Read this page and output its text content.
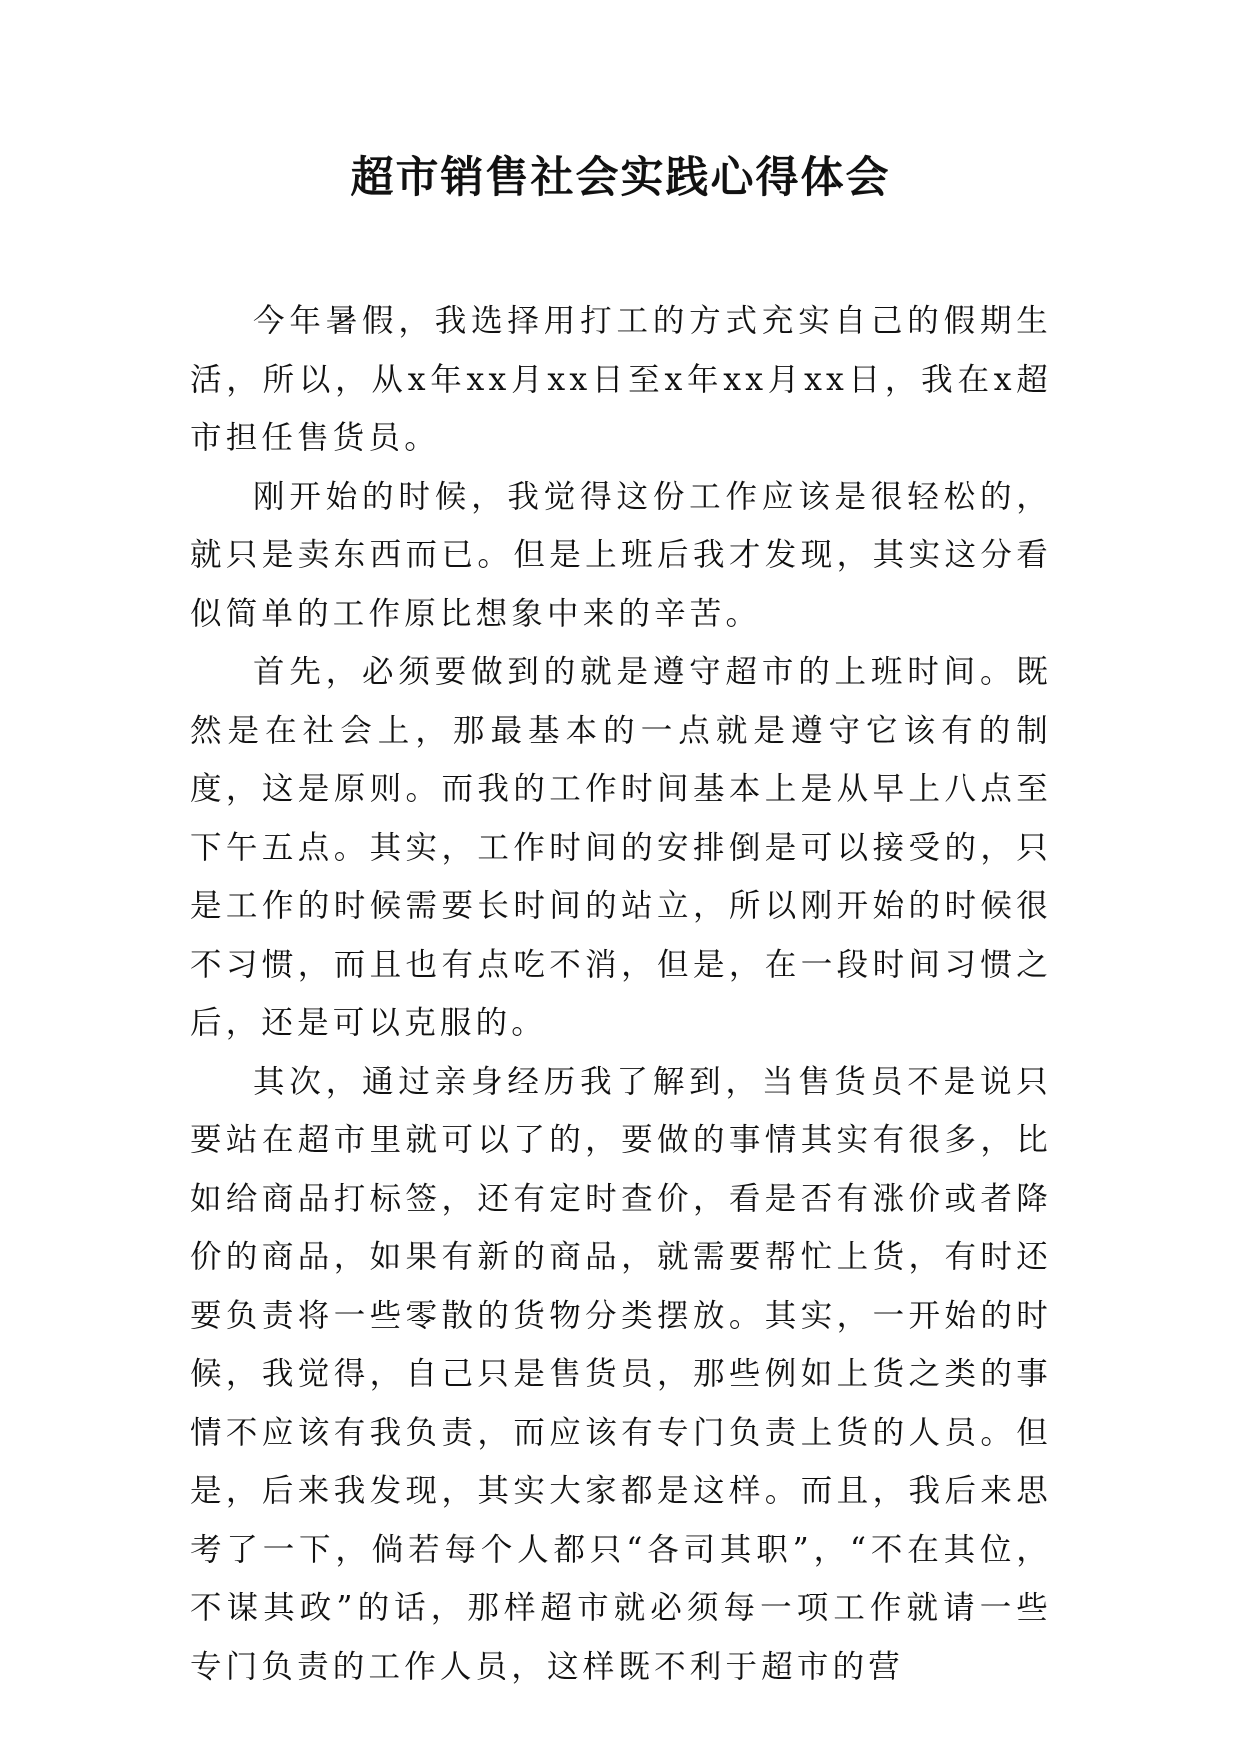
超市销售社会实践心得体会

今年暑假，我选择用打工的方式充实自己的假期生活，所以，从x年xx月xx日至x年xx月xx日，我在x超市担任售货员。

刚开始的时候，我觉得这份工作应该是很轻松的，就只是卖东西而已。但是上班后我才发现，其实这分看似简单的工作原比想象中来的辛苦。

首先，必须要做到的就是遵守超市的上班时间。既然是在社会上，那最基本的一点就是遵守它该有的制度，这是原则。而我的工作时间基本上是从早上八点至下午五点。其实，工作时间的安排倒是可以接受的，只是工作的时候需要长时间的站立，所以刚开始的时候很不习惯，而且也有点吃不消，但是，在一段时间习惯之后，还是可以克服的。

其次，通过亲身经历我了解到，当售货员不是说只要站在超市里就可以了的，要做的事情其实有很多，比如给商品打标签，还有定时查价，看是否有涨价或者降价的商品，如果有新的商品，就需要帮忙上货，有时还要负责将一些零散的货物分类摆放。其实，一开始的时候，我觉得，自己只是售货员，那些例如上货之类的事情不应该有我负责，而应该有专门负责上货的人员。但是，后来我发现，其实大家都是这样。而且，我后来思考了一下，倘若每个人都只“各司其职”，“不在其位，不谋其政”的话，那样超市就必须每一项工作就请一些专门负责的工作人员，这样既不利于超市的营
